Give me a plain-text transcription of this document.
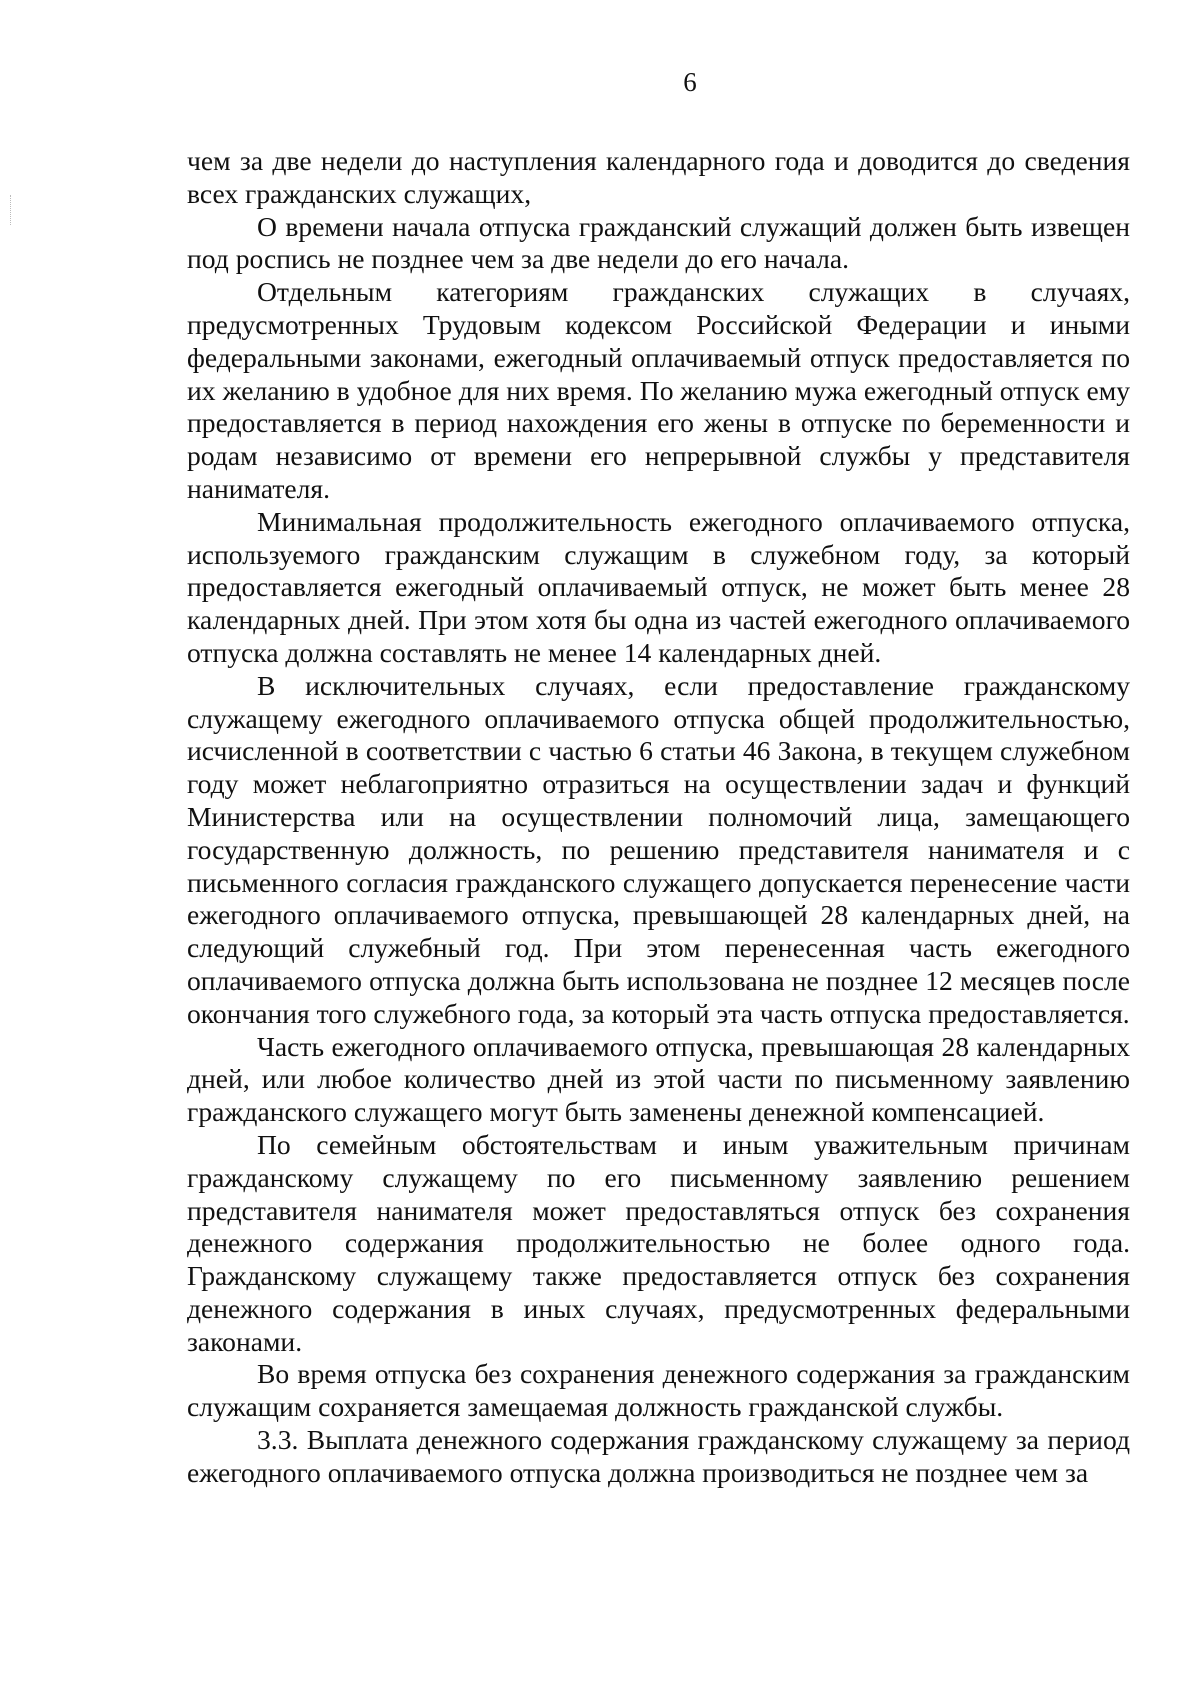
6

чем за две недели до наступления календарного года и доводится до сведения всех гражданских служащих,

О времени начала отпуска гражданский служащий должен быть извещен под роспись не позднее чем за две недели до его начала.

Отдельным категориям гражданских служащих в случаях, предусмотренных Трудовым кодексом Российской Федерации и иными федеральными законами, ежегодный оплачиваемый отпуск предоставляется по их желанию в удобное для них время. По желанию мужа ежегодный отпуск ему предоставляется в период нахождения его жены в отпуске по беременности и родам независимо от времени его непрерывной службы у представителя нанимателя.

Минимальная продолжительность ежегодного оплачиваемого отпуска, используемого гражданским служащим в служебном году, за который предоставляется ежегодный оплачиваемый отпуск, не может быть менее 28 календарных дней. При этом хотя бы одна из частей ежегодного оплачиваемого отпуска должна составлять не менее 14 календарных дней.

В исключительных случаях, если предоставление гражданскому служащему ежегодного оплачиваемого отпуска общей продолжительностью, исчисленной в соответствии с частью 6 статьи 46 Закона, в текущем служебном году может неблагоприятно отразиться на осуществлении задач и функций Министерства или на осуществлении полномочий лица, замещающего государственную должность, по решению представителя нанимателя и с письменного согласия гражданского служащего допускается перенесение части ежегодного оплачиваемого отпуска, превышающей 28 календарных дней, на следующий служебный год. При этом перенесенная часть ежегодного оплачиваемого отпуска должна быть использована не позднее 12 месяцев после окончания того служебного года, за который эта часть отпуска предоставляется.

Часть ежегодного оплачиваемого отпуска, превышающая 28 календарных дней, или любое количество дней из этой части по письменному заявлению гражданского служащего могут быть заменены денежной компенсацией.

По семейным обстоятельствам и иным уважительным причинам гражданскому служащему по его письменному заявлению решением представителя нанимателя может предоставляться отпуск без сохранения денежного содержания продолжительностью не более одного года. Гражданскому служащему также предоставляется отпуск без сохранения денежного содержания в иных случаях, предусмотренных федеральными законами.

Во время отпуска без сохранения денежного содержания за гражданским служащим сохраняется замещаемая должность гражданской службы.

3.3. Выплата денежного содержания гражданскому служащему за период ежегодного оплачиваемого отпуска должна производиться не позднее чем за
